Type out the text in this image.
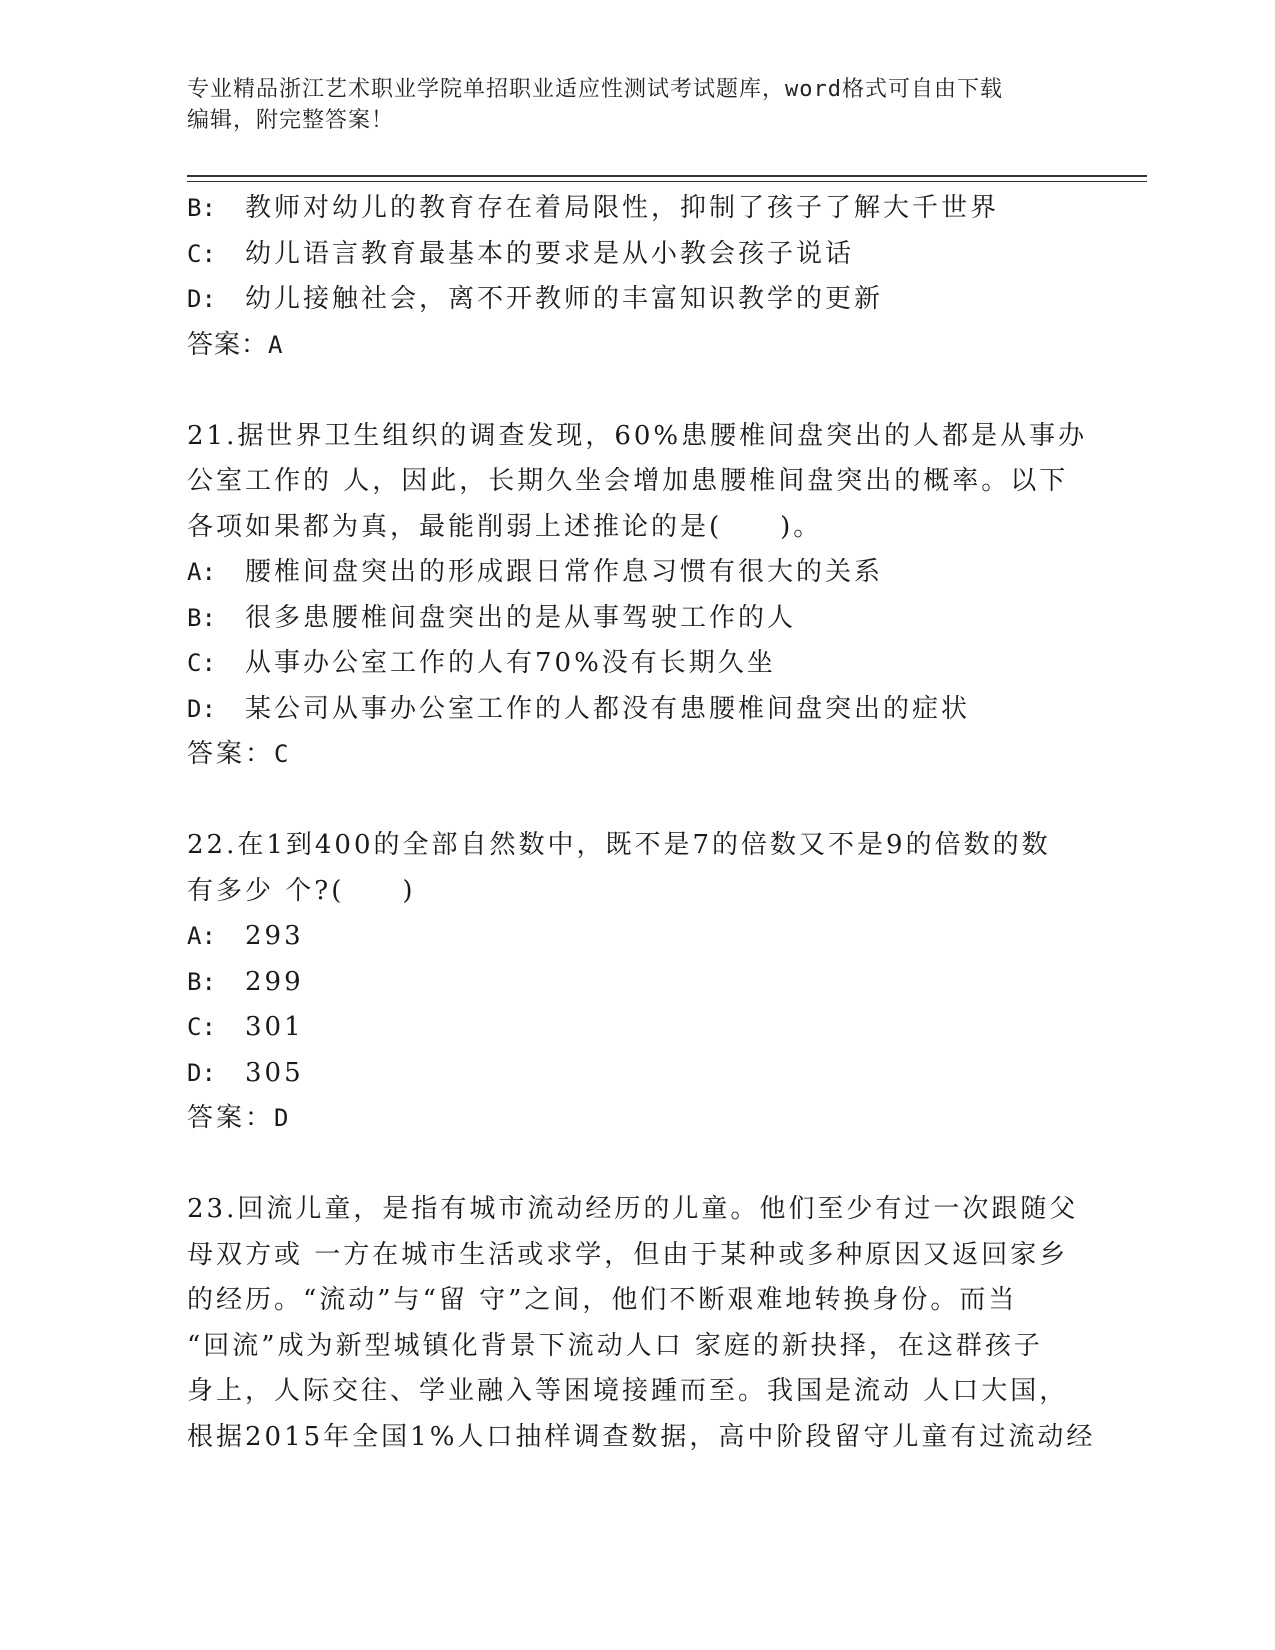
专业精品浙江艺术职业学院单招职业适应性测试考试题库，word格式可自由下载
编辑，附完整答案！
B:	教师对幼儿的教育存在着局限性，抑制了孩子了解大千世界
C:	幼儿语言教育最基本的要求是从小教会孩子说话
D:	幼儿接触社会，离不开教师的丰富知识教学的更新
答案：A
21.据世界卫生组织的调查发现，60%患腰椎间盘突出的人都是从事办
公室工作的 人，因此，长期久坐会增加患腰椎间盘突出的概率。以下
各项如果都为真，最能削弱上述推论的是(　　)。
A:	腰椎间盘突出的形成跟日常作息习惯有很大的关系
B:	很多患腰椎间盘突出的是从事驾驶工作的人
C:	从事办公室工作的人有70%没有长期久坐
D:	某公司从事办公室工作的人都没有患腰椎间盘突出的症状
答案：C
22.在1到400的全部自然数中，既不是7的倍数又不是9的倍数的数
有多少 个?(　　)
A:	293
B:	299
C:	301
D:	305
答案：D
23.回流儿童，是指有城市流动经历的儿童。他们至少有过一次跟随父
母双方或 一方在城市生活或求学，但由于某种或多种原因又返回家乡
的经历。“流动”与“留 守”之间，他们不断艰难地转换身份。而当
“回流”成为新型城镇化背景下流动人口 家庭的新抉择，在这群孩子
身上，人际交往、学业融入等困境接踵而至。我国是流动 人口大国，
根据2015年全国1%人口抽样调查数据，高中阶段留守儿童有过流动经
